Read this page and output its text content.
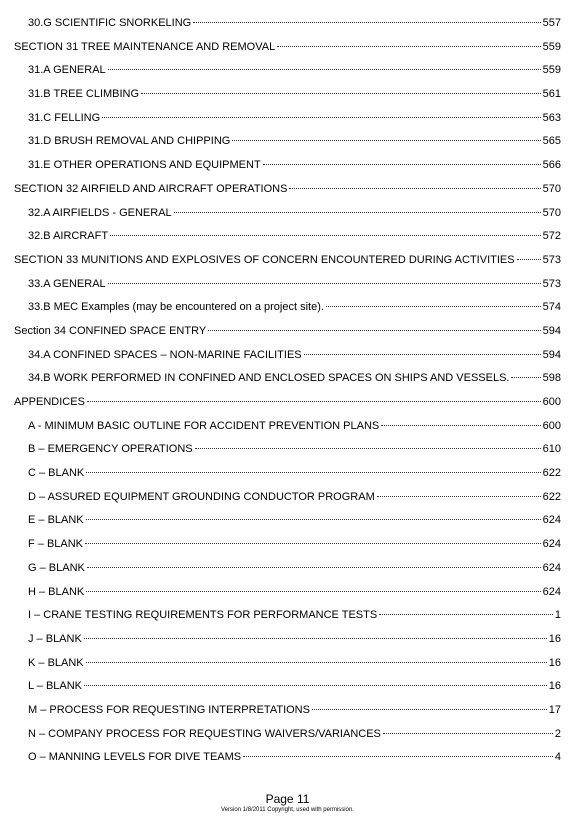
30.G SCIENTIFIC SNORKELING	557
SECTION 31 TREE MAINTENANCE AND REMOVAL	559
31.A GENERAL	559
31.B TREE CLIMBING	561
31.C FELLING	563
31.D BRUSH REMOVAL AND CHIPPING	565
31.E OTHER OPERATIONS AND EQUIPMENT	566
SECTION 32 AIRFIELD AND AIRCRAFT OPERATIONS	570
32.A AIRFIELDS - GENERAL	570
32.B AIRCRAFT	572
SECTION 33 MUNITIONS AND EXPLOSIVES OF CONCERN ENCOUNTERED DURING ACTIVITIES	573
33.A GENERAL	573
33.B MEC Examples (may be encountered on a project site).	574
Section 34 CONFINED SPACE ENTRY	594
34.A CONFINED SPACES – NON-MARINE FACILITIES	594
34.B WORK PERFORMED IN CONFINED AND ENCLOSED SPACES ON SHIPS AND VESSELS.	598
APPENDICES	600
A - MINIMUM BASIC OUTLINE FOR ACCIDENT PREVENTION PLANS	600
B – EMERGENCY OPERATIONS	610
C – BLANK	622
D – ASSURED EQUIPMENT GROUNDING CONDUCTOR PROGRAM	622
E – BLANK	624
F – BLANK	624
G – BLANK	624
H – BLANK	624
I – CRANE TESTING REQUIREMENTS FOR PERFORMANCE TESTS	1
J – BLANK	16
K – BLANK	16
L – BLANK	16
M – PROCESS FOR REQUESTING INTERPRETATIONS	17
N – COMPANY PROCESS FOR REQUESTING WAIVERS/VARIANCES	2
O – MANNING LEVELS FOR DIVE TEAMS	4
Page 11
Version 1/8/2011 Copyright, used with permission.
